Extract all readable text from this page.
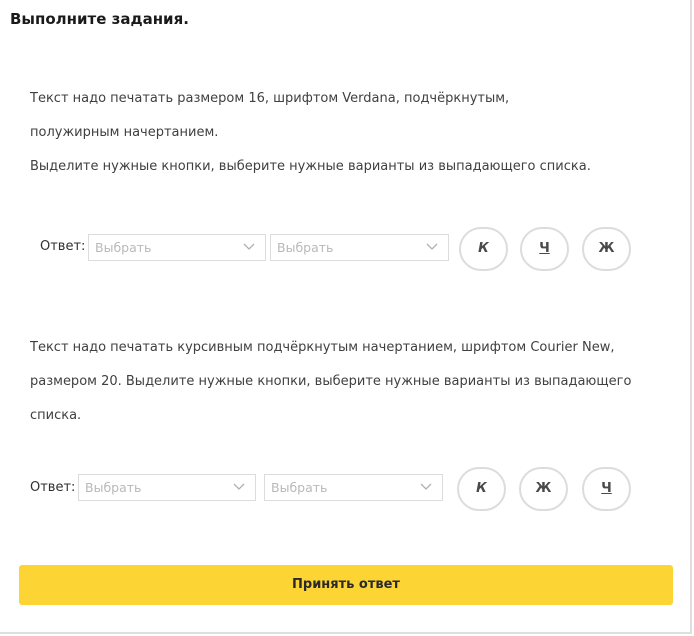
Выполните задания.
Текст надо печатать размером 16, шрифтом Verdana, подчёркнутым,
полужирным начертанием.
Выделите нужные кнопки, выберите нужные варианты из выпадающего списка.
Ответ: Выбрать	Выбрать	К	Ч	Ж
Текст надо печатать курсивным подчёркнутым начертанием, шрифтом Courier New,
размером 20. Выделите нужные кнопки, выберите нужные варианты из выпадающего
списка.
Ответ: Выбрать	Выбрать	К	Ж	Ч
Принять ответ
